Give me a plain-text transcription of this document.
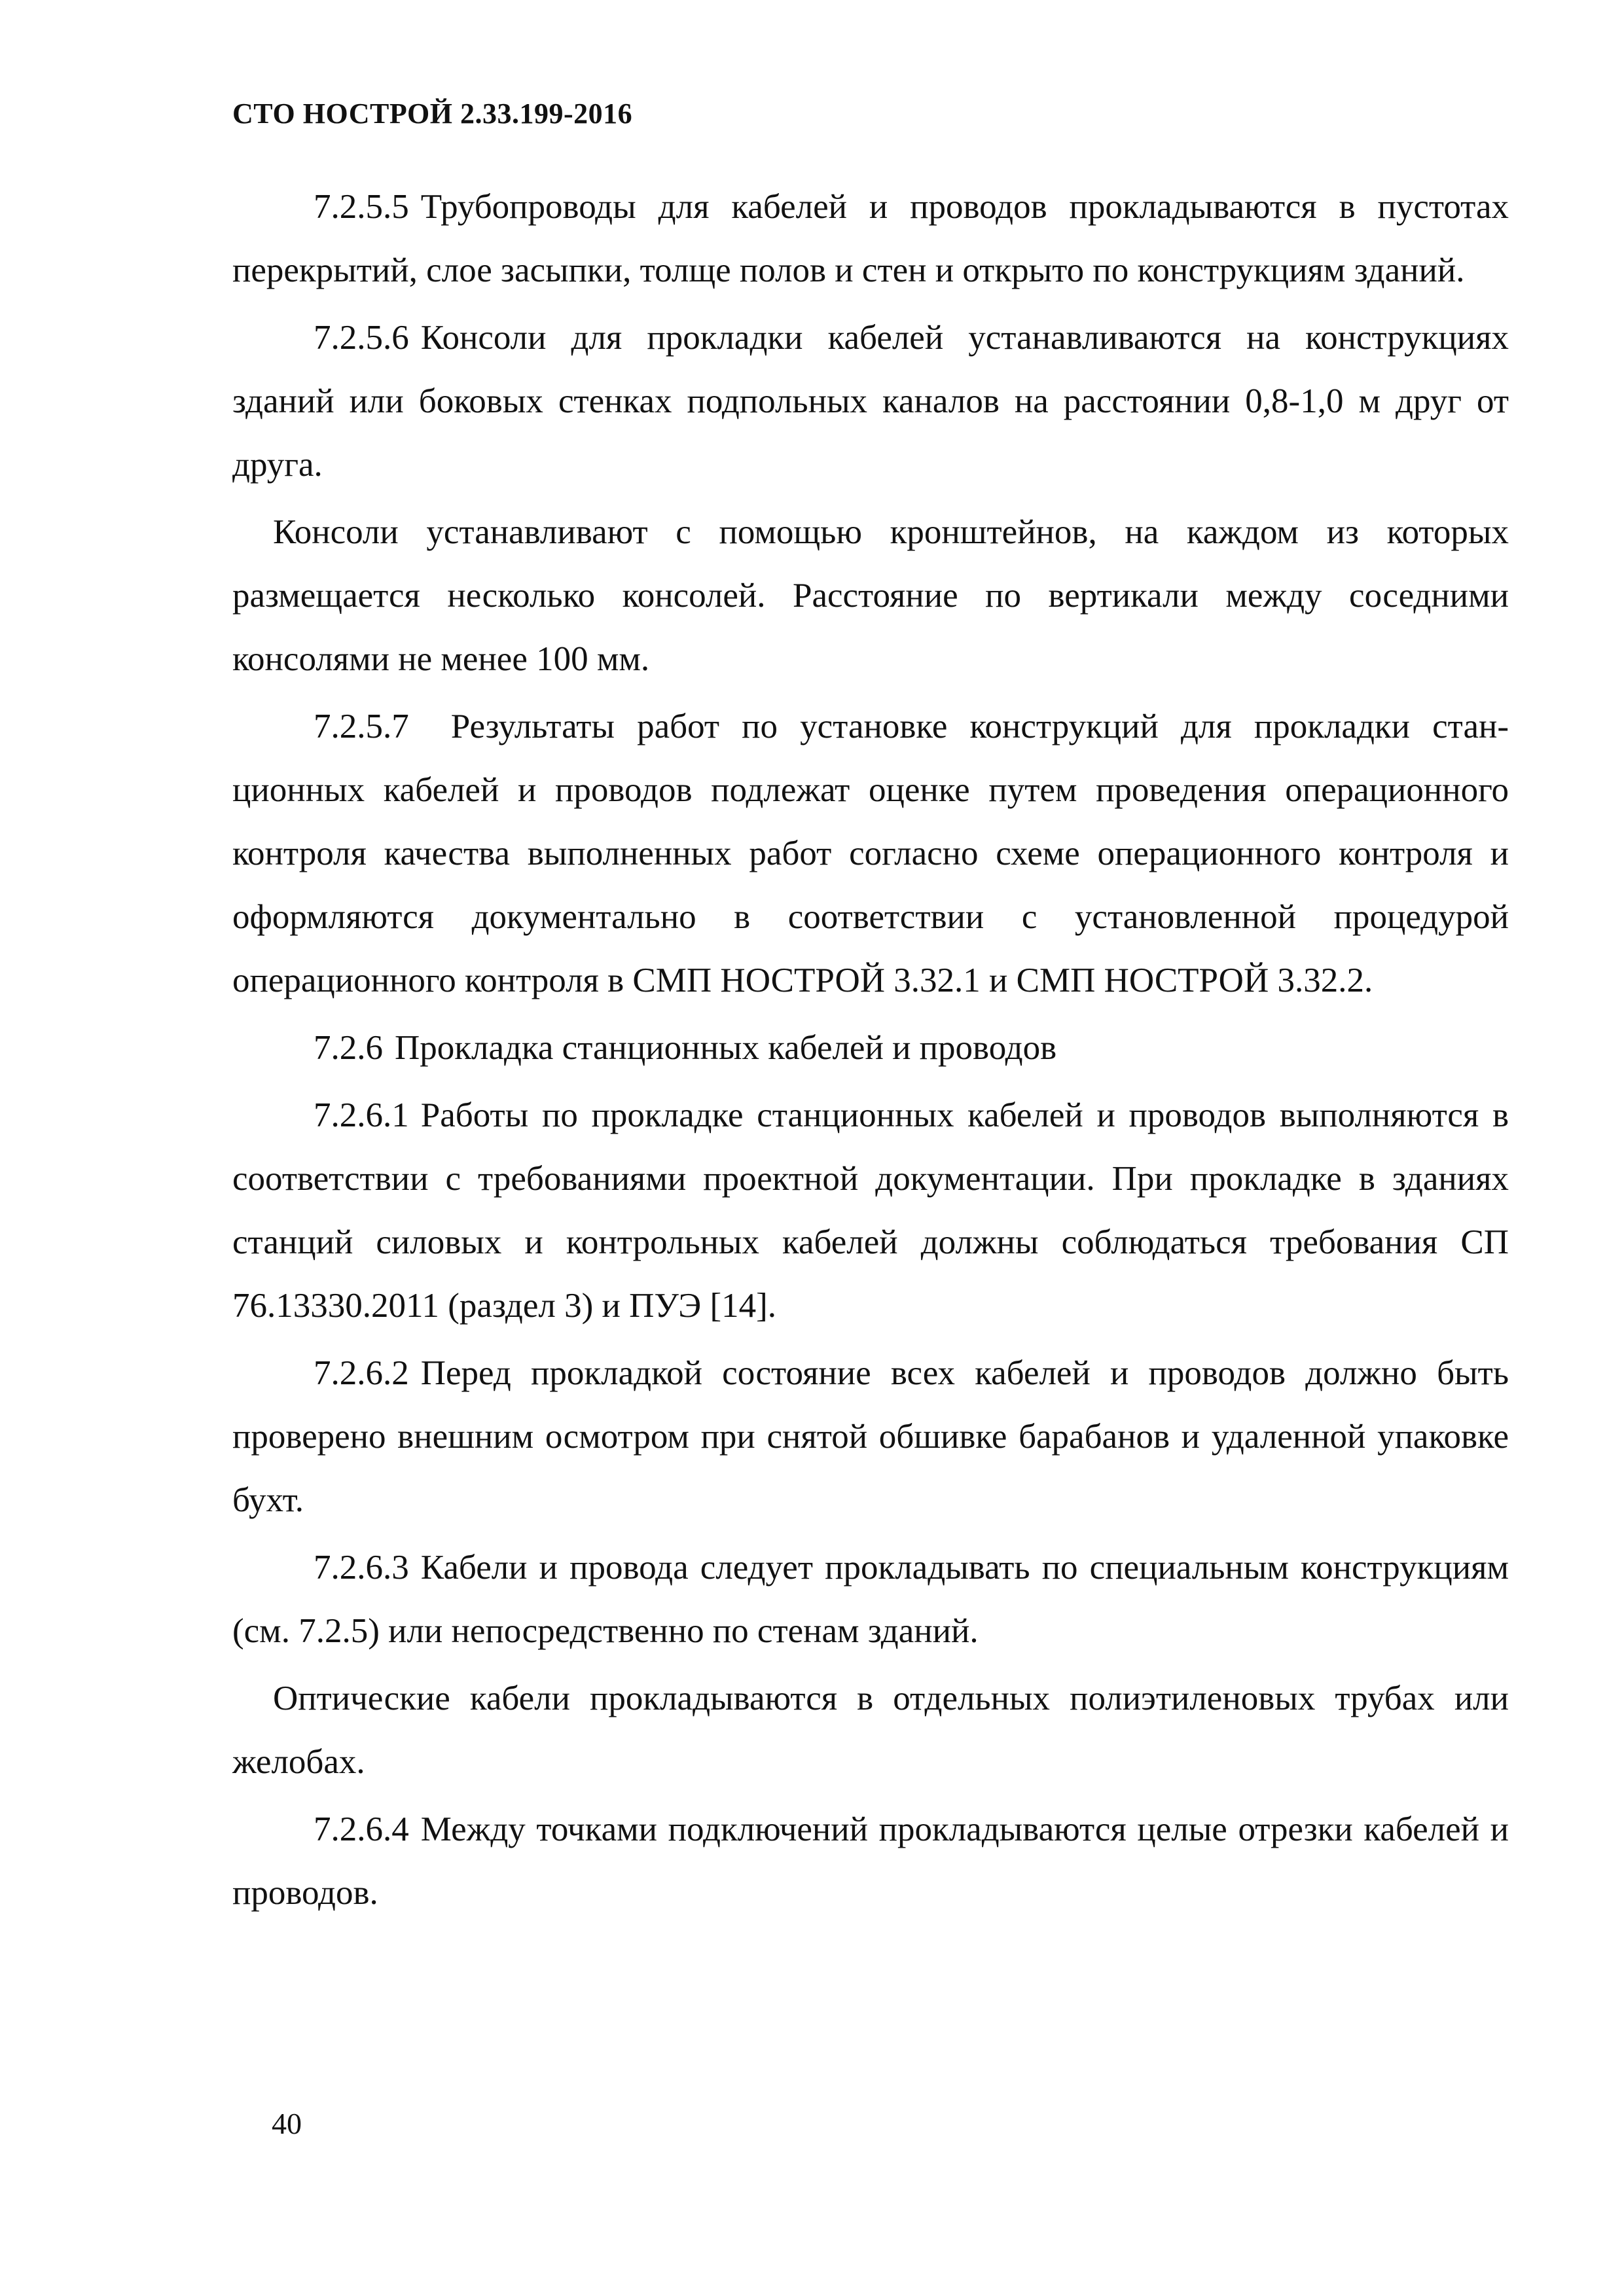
СТО НОСТРОЙ 2.33.199-2016

7.2.5.5 Трубопроводы для кабелей и проводов прокладываются в пустотах перекрытий, слое засыпки, толще полов и стен и открыто по конструкциям зданий.

7.2.5.6 Консоли для прокладки кабелей устанавливаются на конструкциях зданий или боковых стенках подпольных каналов на расстоянии 0,8-1,0 м друг от друга.

Консоли устанавливают с помощью кронштейнов, на каждом из которых размещается несколько консолей. Расстояние по вертикали между соседними консолями не менее 100 мм.

7.2.5.7 Результаты работ по установке конструкций для прокладки станционных кабелей и проводов подлежат оценке путем проведения операционного контроля качества выполненных работ согласно схеме операционного контроля и оформляются документально в соответствии с установленной процедурой операционного контроля в СМП НОСТРОЙ 3.32.1 и СМП НОСТРОЙ 3.32.2.

7.2.6 Прокладка станционных кабелей и проводов

7.2.6.1 Работы по прокладке станционных кабелей и проводов выполняются в соответствии с требованиями проектной документации. При прокладке в зданиях станций силовых и контрольных кабелей должны соблюдаться требования СП 76.13330.2011 (раздел 3) и ПУЭ [14].

7.2.6.2 Перед прокладкой состояние всех кабелей и проводов должно быть проверено внешним осмотром при снятой обшивке барабанов и удаленной упаковке бухт.

7.2.6.3 Кабели и провода следует прокладывать по специальным конструкциям (см. 7.2.5) или непосредственно по стенам зданий.

Оптические кабели прокладываются в отдельных полиэтиленовых трубах или желобах.

7.2.6.4 Между точками подключений прокладываются целые отрезки кабелей и проводов.

40
